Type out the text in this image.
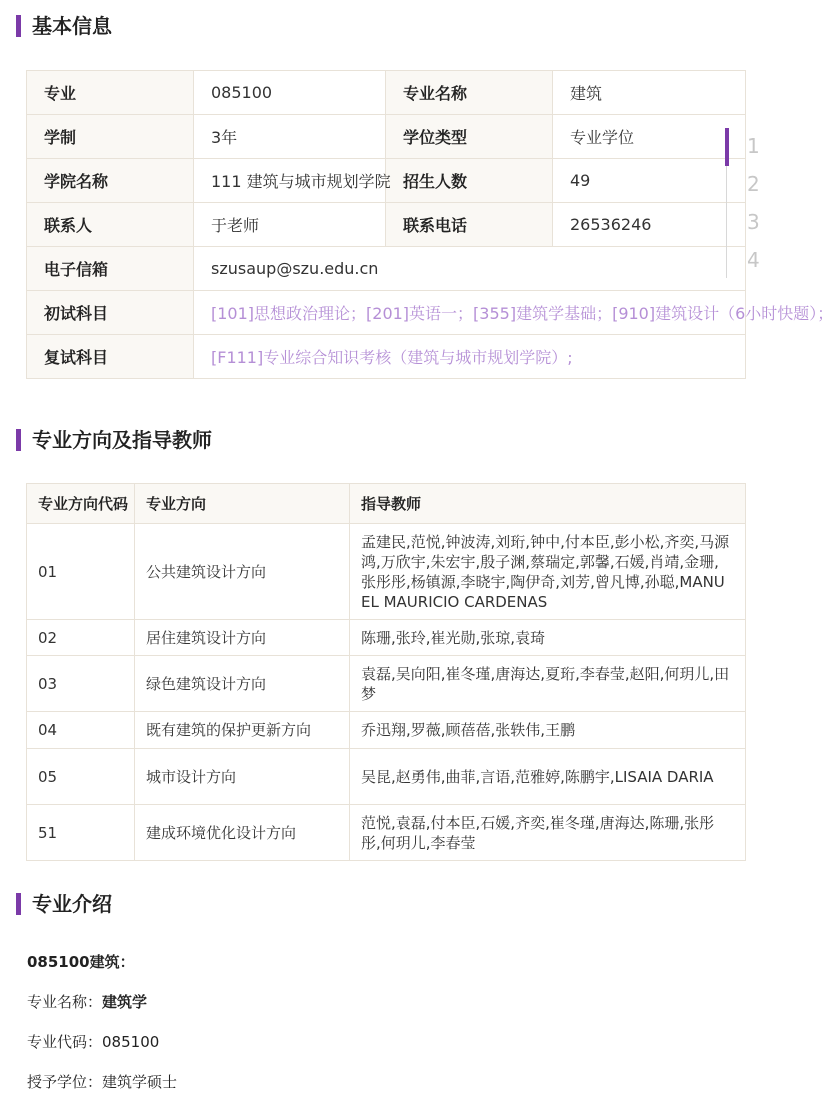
基本信息
专业	085100	专业名称	建筑
学制	3年	学位类型	专业学位
学院名称	111 建筑与城市规划学院	招生人数	49
联系人	于老师	联系电话	26536246
电子信箱	szusaup@szu.edu.cn		
初试科目	[101]思想政治理论；[201]英语一；[355]建筑学基础；[910]建筑设计（6小时快题）；		
复试科目	[F111]专业综合知识考核（建筑与城市规划学院）;		
1
2
3
4
专业方向及指导教师
专业方向代码	专业方向	指导教师
01	公共建筑设计方向	孟建民,范悦,钟波涛,刘珩,钟中,付本臣,彭小松,齐奕,马源鸿,万欣宇,朱宏宇,殷子渊,蔡瑞定,郭馨,石媛,肖靖,金珊,张彤彤,杨镇源,李晓宇,陶伊奇,刘芳,曾凡博,孙聪,MANUEL MAURICIO CARDENAS
02	居住建筑设计方向	陈珊,张玲,崔光勋,张琼,袁琦
03	绿色建筑设计方向	袁磊,吴向阳,崔冬瑾,唐海达,夏珩,李春莹,赵阳,何玥儿,田梦
04	既有建筑的保护更新方向	乔迅翔,罗薇,顾蓓蓓,张轶伟,王鹏
05	城市设计方向	吴昆,赵勇伟,曲菲,言语,范雅婷,陈鹏宇,LISAIA DARIA
51	建成环境优化设计方向	范悦,袁磊,付本臣,石媛,齐奕,崔冬瑾,唐海达,陈珊,张彤彤,何玥儿,李春莹
专业介绍
085100建筑：
专业名称：建筑学
专业代码：085100
授予学位：建筑学硕士
